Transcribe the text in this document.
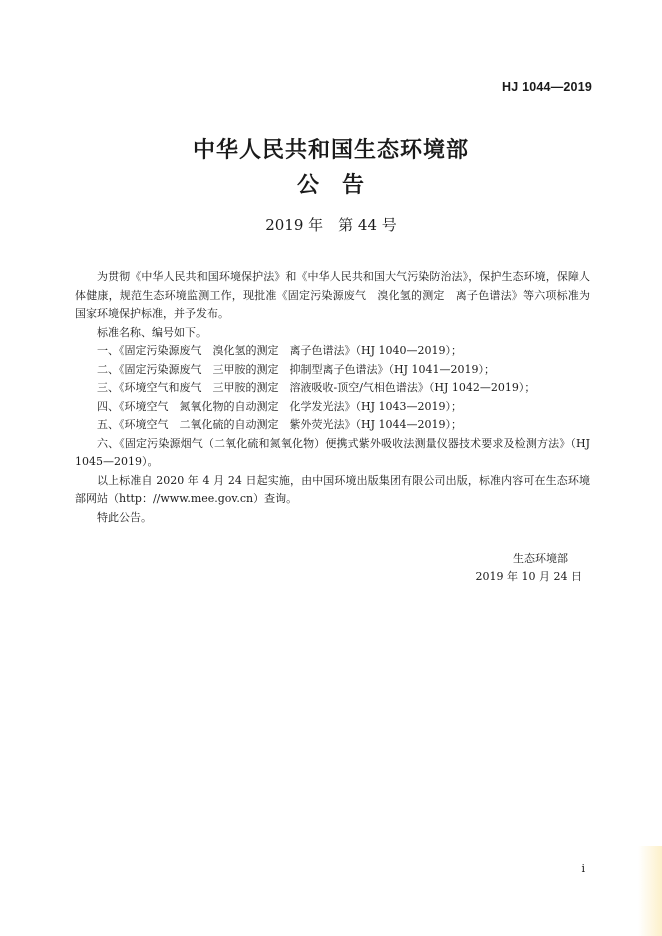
HJ 1044—2019
中华人民共和国生态环境部
公 告
2019 年　第 44 号

为贯彻《中华人民共和国环境保护法》和《中华人民共和国大气污染防治法》，保护生态环境，保障人体健康，规范生态环境监测工作，现批准《固定污染源废气　溴化氢的测定　离子色谱法》等六项标准为国家环境保护标准，并予发布。

标准名称、编号如下。

一、《固定污染源废气　溴化氢的测定　离子色谱法》（HJ 1040—2019）；

二、《固定污染源废气　三甲胺的测定　抑制型离子色谱法》（HJ 1041—2019）；

三、《环境空气和废气　三甲胺的测定　溶液吸收-顶空/气相色谱法》（HJ 1042—2019）；

四、《环境空气　氮氧化物的自动测定　化学发光法》（HJ 1043—2019）；

五、《环境空气　二氧化硫的自动测定　紫外荧光法》（HJ 1044—2019）；

六、《固定污染源烟气（二氧化硫和氮氧化物）便携式紫外吸收法测量仪器技术要求及检测方法》（HJ 1045—2019）。

以上标准自 2020 年 4 月 24 日起实施，由中国环境出版集团有限公司出版，标准内容可在生态环境部网站（http：//www.mee.gov.cn）查询。

特此公告。

生态环境部
2019 年 10 月 24 日
i
